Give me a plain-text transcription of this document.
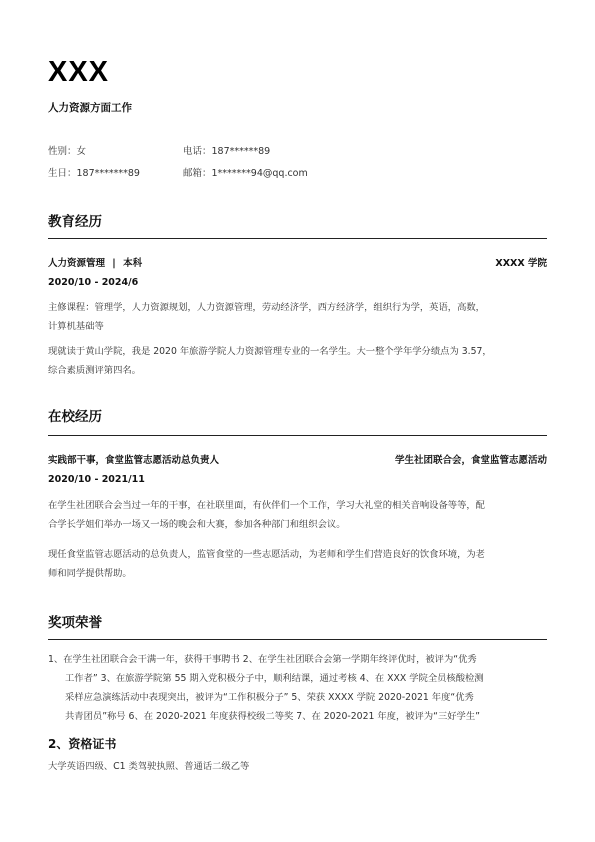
XXX
人力资源方面工作
性别：女	电话：187******89
生日：187*******89	邮箱：1*******94@qq.com
教育经历
人力资源管理 | 本科	XXXX 学院
2020/10 - 2024/6
主修课程：管理学，人力资源规划，人力资源管理，劳动经济学，西方经济学，组织行为学，英语，高数，
计算机基础等
现就读于黄山学院，我是 2020 年旅游学院人力资源管理专业的一名学生。大一整个学年学分绩点为 3.57，
综合素质测评第四名。
在校经历
实践部干事，食堂监管志愿活动总负责人	学生社团联合会，食堂监管志愿活动
2020/10 - 2021/11
在学生社团联合会当过一年的干事，在社联里面，有伙伴们一个工作，学习大礼堂的相关音响设备等等，配
合学长学姐们举办一场又一场的晚会和大赛，参加各种部门和组织会议。
现任食堂监管志愿活动的总负责人，监管食堂的一些志愿活动，为老师和学生们营造良好的饮食环境，为老
师和同学提供帮助。
奖项荣誉
1、在学生社团联合会干满一年，获得干事聘书 2、在学生社团联合会第一学期年终评优时，被评为“优秀
工作者” 3、在旅游学院第 55 期入党积极分子中，顺利结课，通过考核 4、在 XXX 学院全员核酸检测
采样应急演练活动中表现突出，被评为“工作积极分子” 5、荣获 XXXX 学院 2020-2021 年度“优秀
共青团员”称号 6、在 2020-2021 年度获得校级二等奖 7、在 2020-2021 年度，被评为“三好学生”
2、资格证书
大学英语四级、C1 类驾驶执照、普通话二级乙等
